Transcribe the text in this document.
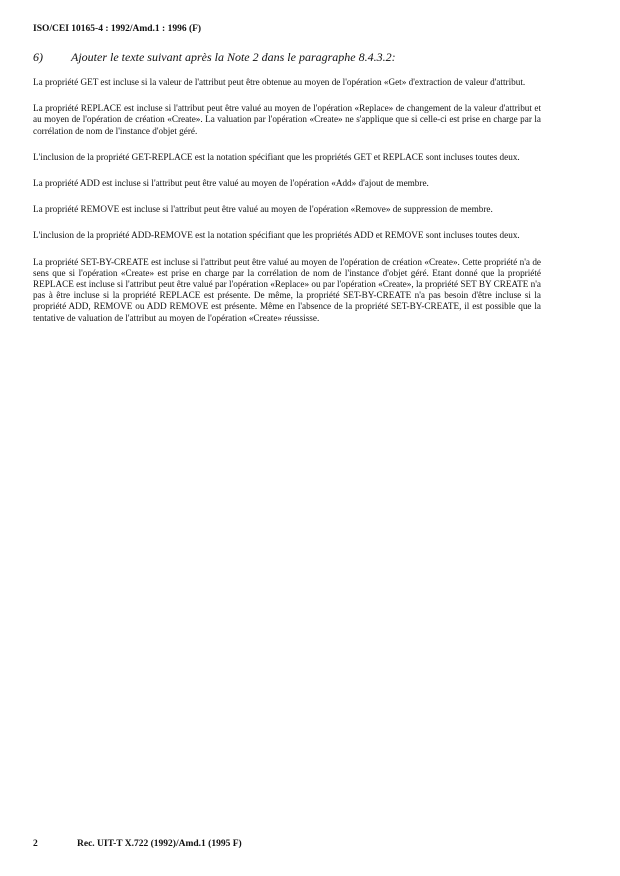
ISO/CEI 10165-4 : 1992/Amd.1 : 1996 (F)
6) Ajouter le texte suivant après la Note 2 dans le paragraphe 8.4.3.2:

La propriété GET est incluse si la valeur de l'attribut peut être obtenue au moyen de l'opération «Get» d'extraction de valeur d'attribut.

La propriété REPLACE est incluse si l'attribut peut être valué au moyen de l'opération «Replace» de changement de la valeur d'attribut et au moyen de l'opération de création «Create». La valuation par l'opération «Create» ne s'applique que si celle-ci est prise en charge par la corrélation de nom de l'instance d'objet géré.

L'inclusion de la propriété GET-REPLACE est la notation spécifiant que les propriétés GET et REPLACE sont incluses toutes deux.

La propriété ADD est incluse si l'attribut peut être valué au moyen de l'opération «Add» d'ajout de membre.

La propriété REMOVE est incluse si l'attribut peut être valué au moyen de l'opération «Remove» de suppression de membre.

L'inclusion de la propriété ADD-REMOVE est la notation spécifiant que les propriétés ADD et REMOVE sont incluses toutes deux.

La propriété SET-BY-CREATE est incluse si l'attribut peut être valué au moyen de l'opération de création «Create». Cette propriété n'a de sens que si l'opération «Create» est prise en charge par la corrélation de nom de l'instance d'objet géré. Etant donné que la propriété REPLACE est incluse si l'attribut peut être valué par l'opération «Replace» ou par l'opération «Create», la propriété SET BY CREATE n'a pas à être incluse si la propriété REPLACE est présente. De même, la propriété SET-BY-CREATE n'a pas besoin d'être incluse si la propriété ADD, REMOVE ou ADD REMOVE est présente. Même en l'absence de la propriété SET-BY-CREATE, il est possible que la tentative de valuation de l'attribut au moyen de l'opération «Create» réussisse.

2	Rec. UIT-T X.722 (1992)/Amd.1 (1995 F)
